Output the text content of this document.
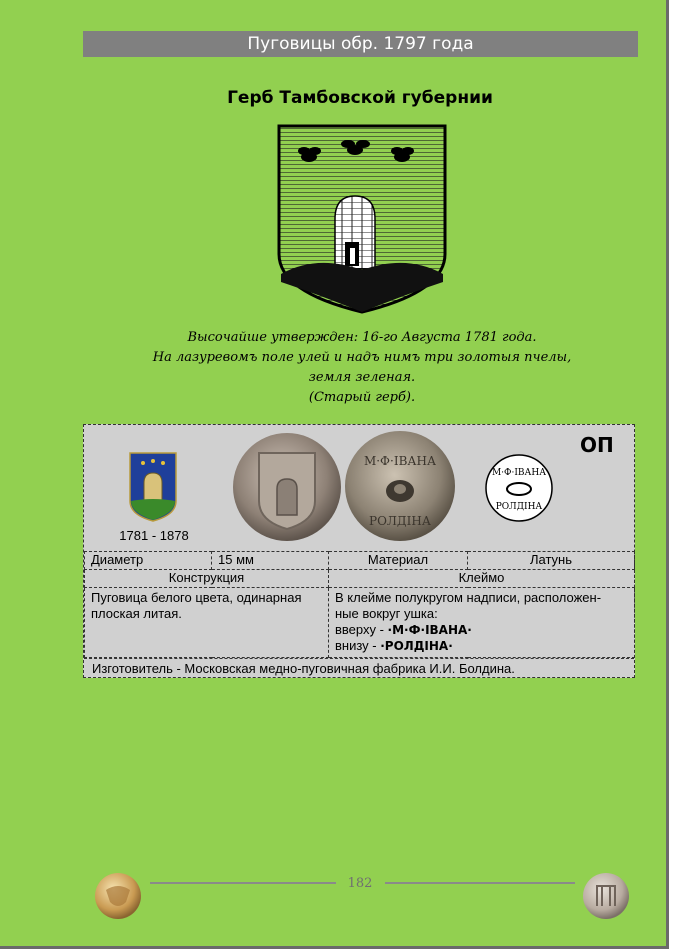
Пуговицы обр. 1797 года
Герб Тамбовской губернии
Высочайше утвержден: 16-го Августа 1781 года.
На лазуревомъ поле улей и надъ нимъ три золотыя пчелы,
земля зеленая.
(Старый герб).
1781 - 1878
М·Ф·IВАНА
РОЛДIНА
М·Ф·IВАНА
РОЛДIНА
ОП
Диаметр	15 мм	Материал	Латунь
Конструкция		Клеймо	
Пуговица белого цвета, одинарная плоская литая.		В клейме полукругом надписи, расположен-
ные вокруг ушка:
вверху - ·М·Ф·IВАНА·
внизу - ·РОЛДIНА·	
Изготовитель - Московская медно-пуговичная фабрика И.И. Болдина.
182
